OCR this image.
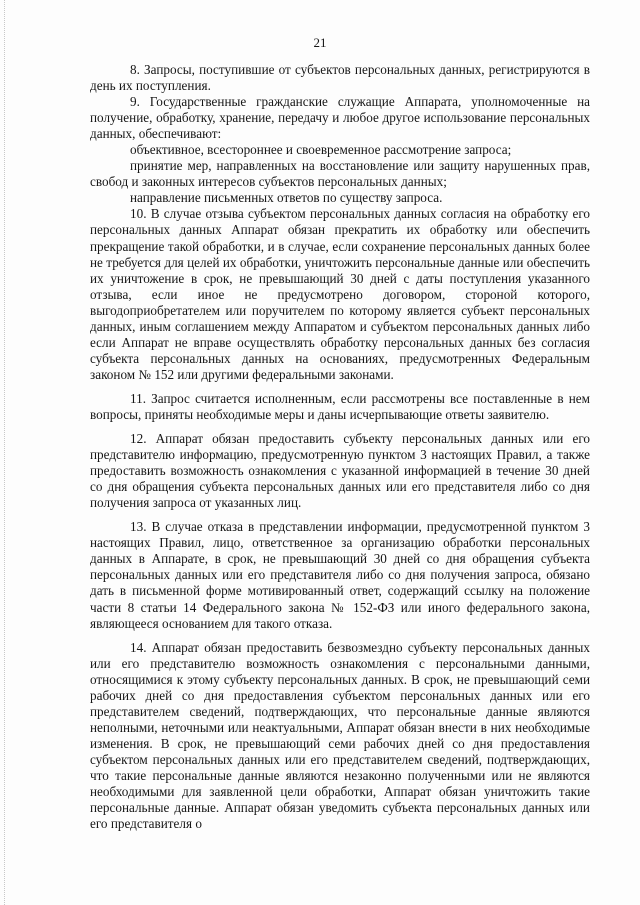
21

8. Запросы, поступившие от субъектов персональных данных, регистрируются в день их поступления.

9. Государственные гражданские служащие Аппарата, уполномоченные на получение, обработку, хранение, передачу и любое другое использование персональных данных, обеспечивают:

объективное, всестороннее и своевременное рассмотрение запроса;

принятие мер, направленных на восстановление или защиту нарушенных прав, свобод и законных интересов субъектов персональных данных;

направление письменных ответов по существу запроса.

10. В случае отзыва субъектом персональных данных согласия на обработку его персональных данных Аппарат обязан прекратить их обработку или обеспечить прекращение такой обработки, и в случае, если сохранение персональных данных более не требуется для целей их обработки, уничтожить персональные данные или обеспечить их уничтожение в срок, не превышающий 30 дней с даты поступления указанного отзыва, если иное не предусмотрено договором, стороной которого, выгодоприобретателем или поручителем по которому является субъект персональных данных, иным соглашением между Аппаратом и субъектом персональных данных либо если Аппарат не вправе осуществлять обработку персональных данных без согласия субъекта персональных данных на основаниях, предусмотренных Федеральным законом № 152 или другими федеральными законами.

11. Запрос считается исполненным, если рассмотрены все поставленные в нем вопросы, приняты необходимые меры и даны исчерпывающие ответы заявителю.

12. Аппарат обязан предоставить субъекту персональных данных или его представителю информацию, предусмотренную пунктом 3 настоящих Правил, а также предоставить возможность ознакомления с указанной информацией в течение 30 дней со дня обращения субъекта персональных данных или его представителя либо со дня получения запроса от указанных лиц.

13. В случае отказа в представлении информации, предусмотренной пунктом 3 настоящих Правил, лицо, ответственное за организацию обработки персональных данных в Аппарате, в срок, не превышающий 30 дней со дня обращения субъекта персональных данных или его представителя либо со дня получения запроса, обязано дать в письменной форме мотивированный ответ, содержащий ссылку на положение части 8 статьи 14 Федерального закона № 152-ФЗ или иного федерального закона, являющееся основанием для такого отказа.

14. Аппарат обязан предоставить безвозмездно субъекту персональных данных или его представителю возможность ознакомления с персональными данными, относящимися к этому субъекту персональных данных. В срок, не превышающий семи рабочих дней со дня предоставления субъектом персональных данных или его представителем сведений, подтверждающих, что персональные данные являются неполными, неточными или неактуальными, Аппарат обязан внести в них необходимые изменения. В срок, не превышающий семи рабочих дней со дня предоставления субъектом персональных данных или его представителем сведений, подтверждающих, что такие персональные данные являются незаконно полученными или не являются необходимыми для заявленной цели обработки, Аппарат обязан уничтожить такие персональные данные. Аппарат обязан уведомить субъекта персональных данных или его представителя о
